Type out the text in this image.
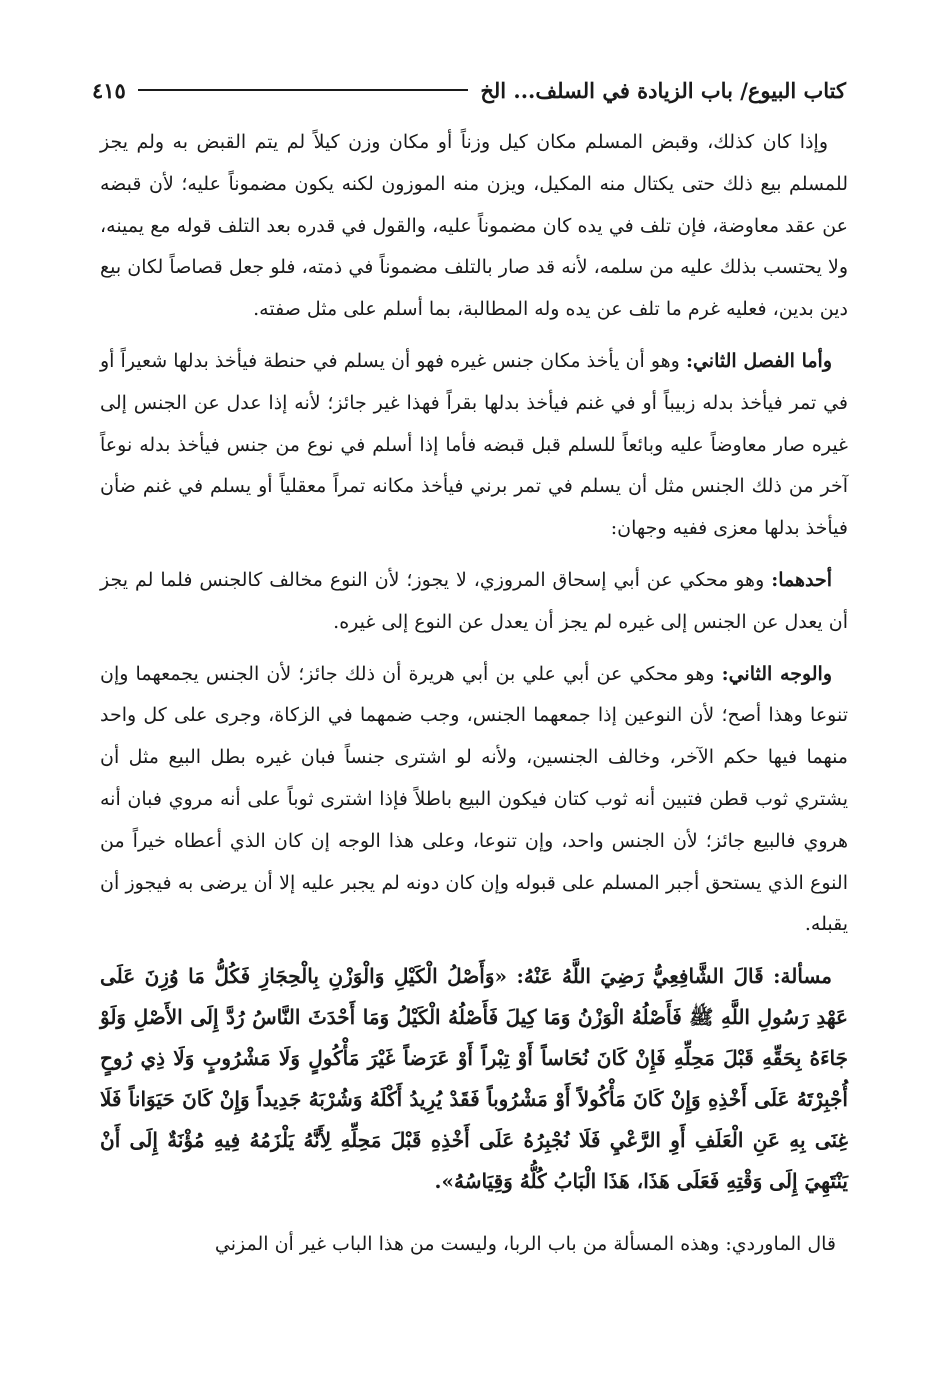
كتاب البيوع/ باب الزيادة في السلف... الخ
٤١٥

وإذا كان كذلك، وقبض المسلم مكان كيل وزناً أو مكان وزن كيلاً لم يتم القبض به ولم يجز للمسلم بيع ذلك حتى يكتال منه المكيل، ويزن منه الموزون لكنه يكون مضموناً عليه؛ لأن قبضه عن عقد معاوضة، فإن تلف في يده كان مضموناً عليه، والقول في قدره بعد التلف قوله مع يمينه، ولا يحتسب بذلك عليه من سلمه، لأنه قد صار بالتلف مضموناً في ذمته، فلو جعل قصاصاً لكان بيع دين بدين، فعليه غرم ما تلف عن يده وله المطالبة، بما أسلم على مثل صفته.

وأما الفصل الثاني: وهو أن يأخذ مكان جنس غيره فهو أن يسلم في حنطة فيأخذ بدلها شعيراً أو في تمر فيأخذ بدله زبيباً أو في غنم فيأخذ بدلها بقراً فهذا غير جائز؛ لأنه إذا عدل عن الجنس إلى غيره صار معاوضاً عليه وبائعاً للسلم قبل قبضه فأما إذا أسلم في نوع من جنس فيأخذ بدله نوعاً آخر من ذلك الجنس مثل أن يسلم في تمر برني فيأخذ مكانه تمراً معقلياً أو يسلم في غنم ضأن فيأخذ بدلها معزى ففيه وجهان:

أحدهما: وهو محكي عن أبي إسحاق المروزي، لا يجوز؛ لأن النوع مخالف كالجنس فلما لم يجز أن يعدل عن الجنس إلى غيره لم يجز أن يعدل عن النوع إلى غيره.

والوجه الثاني: وهو محكي عن أبي علي بن أبي هريرة أن ذلك جائز؛ لأن الجنس يجمعهما وإن تنوعا وهذا أصح؛ لأن النوعين إذا جمعهما الجنس، وجب ضمهما في الزكاة، وجرى على كل واحد منهما فيها حكم الآخر، وخالف الجنسين، ولأنه لو اشترى جنساً فبان غيره بطل البيع مثل أن يشتري ثوب قطن فتبين أنه ثوب كتان فيكون البيع باطلاً فإذا اشترى ثوباً على أنه مروي فبان أنه هروي فالبيع جائز؛ لأن الجنس واحد، وإن تنوعا، وعلى هذا الوجه إن كان الذي أعطاه خيراً من النوع الذي يستحق أجبر المسلم على قبوله وإن كان دونه لم يجبر عليه إلا أن يرضى به فيجوز أن يقبله.

مسألة: قَالَ الشَّافِعِيُّ رَضِيَ اللَّهُ عَنْهُ: «وَأَصْلُ الْكَيْلِ وَالْوَزْنِ بِالْحِجَازِ فَكُلُّ مَا وُزِنَ عَلَى عَهْدِ رَسُولِ اللَّهِ ﷺ فَأَصْلُهُ الْوَزْنُ وَمَا كِيلَ فَأَصْلُهُ الْكَيْلُ وَمَا أَحْدَثَ النَّاسُ رُدَّ إِلَى الأَصْلِ وَلَوْ جَاءَهُ بِحَقِّهِ قَبْلَ مَحِلِّهِ فَإِنْ كَانَ نُحَاساً أَوْ تِبْراً أَوْ عَرَضاً غَيْرَ مَأْكُولٍ وَلَا مَشْرُوبٍ وَلَا ذِي رُوحٍ أُجْبِرْتَهُ عَلَى أَخْذِهِ وَإِنْ كَانَ مَأْكُولاً أَوْ مَشْرُوباً فَقَدْ يُرِيدُ أَكْلَهُ وَشُرْبَهُ جَدِيداً وَإِنْ كَانَ حَيَوَاناً فَلَا غِنَى بِهِ عَنِ الْعَلَفِ أَوِ الرَّعْيِ فَلَا نُجْبِرُهُ عَلَى أَخْذِهِ قَبْلَ مَحِلِّهِ لِأَنَّهُ يَلْزَمُهُ فِيهِ مُؤْنَةٌ إِلَى أَنْ يَنْتَهِيَ إِلَى وَقْتِهِ فَعَلَى هَذَا، هَذَا الْبَابُ كُلُّهُ وَقِيَاسُهُ».

قال الماوردي: وهذه المسألة من باب الربا، وليست من هذا الباب غير أن المزني
